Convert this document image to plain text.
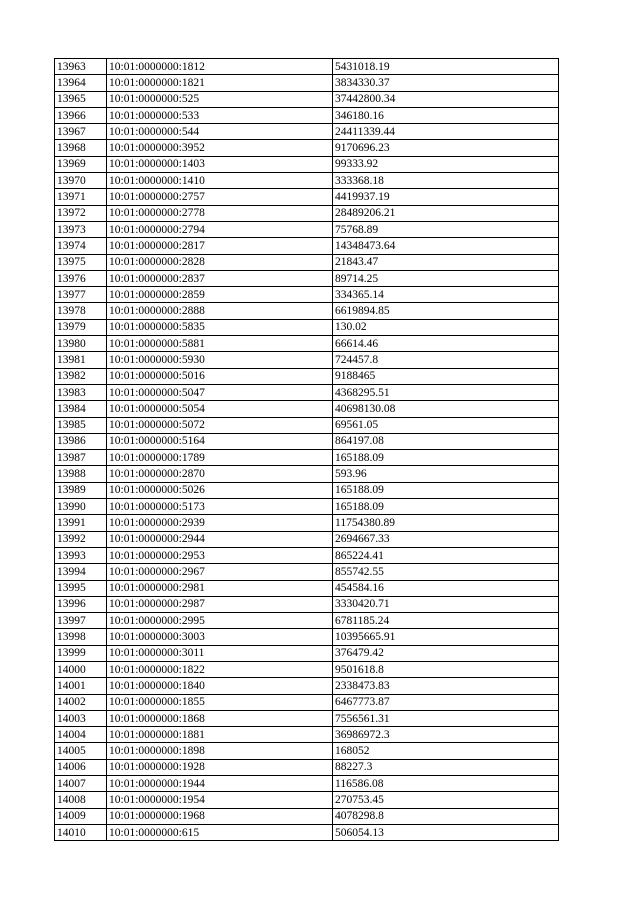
13963	10:01:0000000:1812	5431018.19
13964	10:01:0000000:1821	3834330.37
13965	10:01:0000000:525	37442800.34
13966	10:01:0000000:533	346180.16
13967	10:01:0000000:544	24411339.44
13968	10:01:0000000:3952	9170696.23
13969	10:01:0000000:1403	99333.92
13970	10:01:0000000:1410	333368.18
13971	10:01:0000000:2757	4419937.19
13972	10:01:0000000:2778	28489206.21
13973	10:01:0000000:2794	75768.89
13974	10:01:0000000:2817	14348473.64
13975	10:01:0000000:2828	21843.47
13976	10:01:0000000:2837	89714.25
13977	10:01:0000000:2859	334365.14
13978	10:01:0000000:2888	6619894.85
13979	10:01:0000000:5835	130.02
13980	10:01:0000000:5881	66614.46
13981	10:01:0000000:5930	724457.8
13982	10:01:0000000:5016	9188465
13983	10:01:0000000:5047	4368295.51
13984	10:01:0000000:5054	40698130.08
13985	10:01:0000000:5072	69561.05
13986	10:01:0000000:5164	864197.08
13987	10:01:0000000:1789	165188.09
13988	10:01:0000000:2870	593.96
13989	10:01:0000000:5026	165188.09
13990	10:01:0000000:5173	165188.09
13991	10:01:0000000:2939	11754380.89
13992	10:01:0000000:2944	2694667.33
13993	10:01:0000000:2953	865224.41
13994	10:01:0000000:2967	855742.55
13995	10:01:0000000:2981	454584.16
13996	10:01:0000000:2987	3330420.71
13997	10:01:0000000:2995	6781185.24
13998	10:01:0000000:3003	10395665.91
13999	10:01:0000000:3011	376479.42
14000	10:01:0000000:1822	9501618.8
14001	10:01:0000000:1840	2338473.83
14002	10:01:0000000:1855	6467773.87
14003	10:01:0000000:1868	7556561.31
14004	10:01:0000000:1881	36986972.3
14005	10:01:0000000:1898	168052
14006	10:01:0000000:1928	88227.3
14007	10:01:0000000:1944	116586.08
14008	10:01:0000000:1954	270753.45
14009	10:01:0000000:1968	4078298.8
14010	10:01:0000000:615	506054.13
